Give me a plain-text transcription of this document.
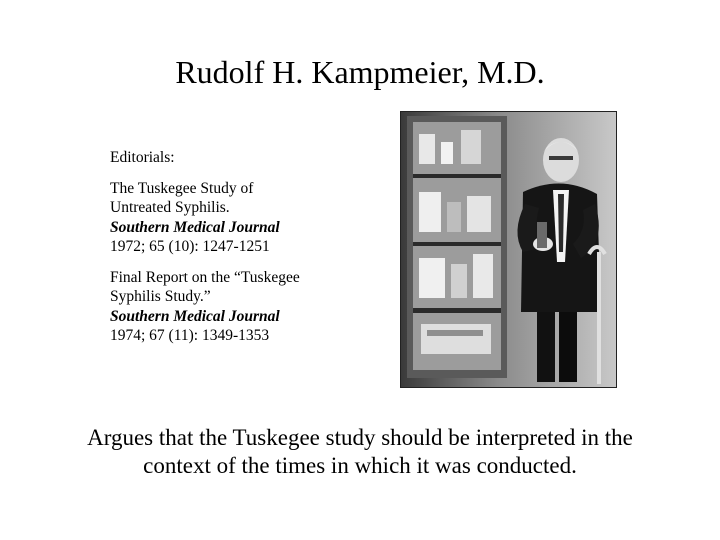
Rudolf H. Kampmeier, M.D.
Editorials:
The Tuskegee Study of
Untreated Syphilis.
Southern Medical Journal
1972; 65 (10): 1247-1251
Final Report on the “Tuskegee
Syphilis Study.”
Southern Medical Journal
1974; 67 (11): 1349-1353
Argues that the Tuskegee study should be interpreted in the
context of the times in which it was conducted.
